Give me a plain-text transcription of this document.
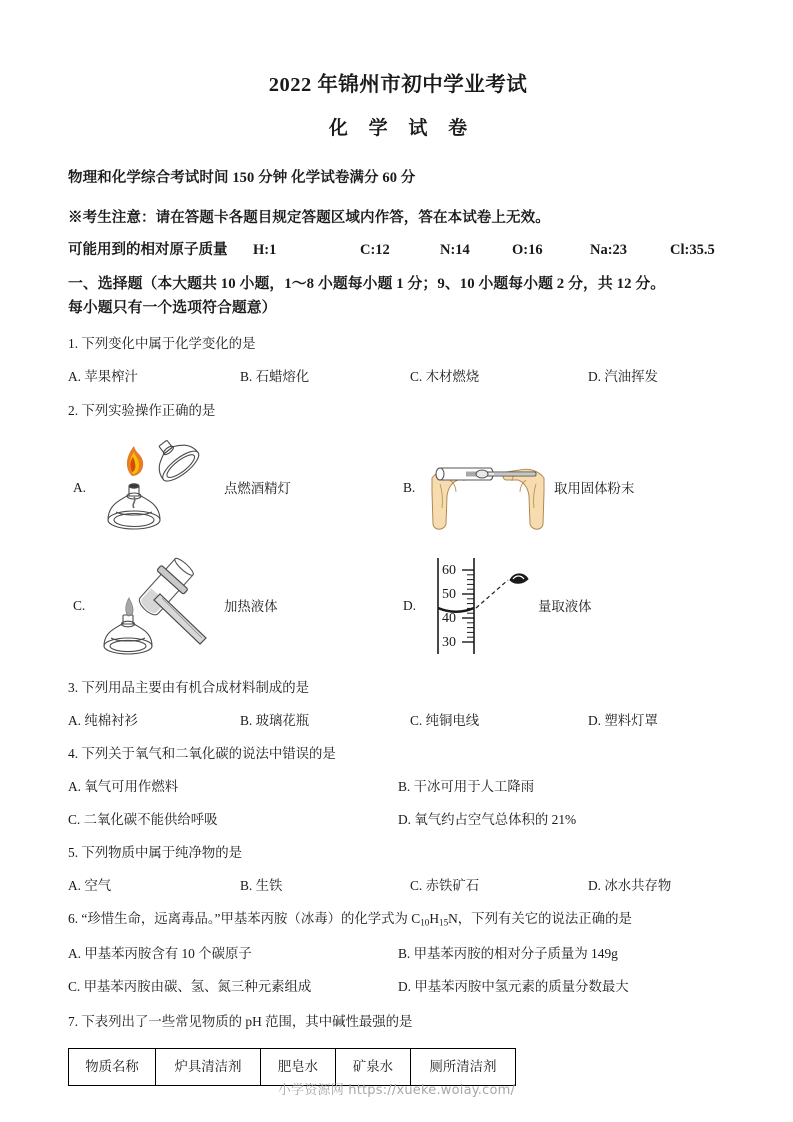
2022 年锦州市初中学业考试
化 学 试 卷
物理和化学综合考试时间 150 分钟 化学试卷满分 60 分
※考生注意：请在答题卡各题目规定答题区域内作答，答在本试卷上无效。
可能用到的相对原子质量	H:1	C:12	N:14	O:16	Na:23	Cl:35.5
一、选择题（本大题共 10 小题，1～8 小题每小题 1 分；9、10 小题每小题 2 分，共 12 分。
每小题只有一个选项符合题意）
1. 下列变化中属于化学变化的是
A. 苹果榨汁	B. 石蜡熔化	C. 木材燃烧	D. 汽油挥发
2. 下列实验操作正确的是
A.	点燃酒精灯	B.	取用固体粉末
C.	加热液体	D.
60
50
40
30
量取液体
3. 下列用品主要由有机合成材料制成的是
A. 纯棉衬衫	B. 玻璃花瓶	C. 纯铜电线	D. 塑料灯罩
4. 下列关于氧气和二氧化碳的说法中错误的是
A. 氧气可用作燃料	B. 干冰可用于人工降雨
C. 二氧化碳不能供给呼吸	D. 氧气约占空气总体积的 21%
5. 下列物质中属于纯净物的是
A. 空气	B. 生铁	C. 赤铁矿石	D. 冰水共存物
6. “珍惜生命，远离毒品。”甲基苯丙胺（冰毒）的化学式为 $C_{10}H_{15}N$，下列有关它的说法正确的是
A. 甲基苯丙胺含有 10 个碳原子	B. 甲基苯丙胺的相对分子质量为 149g
C. 甲基苯丙胺由碳、氢、氮三种元素组成	D. 甲基苯丙胺中氢元素的质量分数最大
7. 下表列出了一些常见物质的 pH 范围，其中碱性最强的是
物质名称	炉具清洁剂	肥皂水	矿泉水	厕所清洁剂
小学资源网 https://xueke.woiay.com/
